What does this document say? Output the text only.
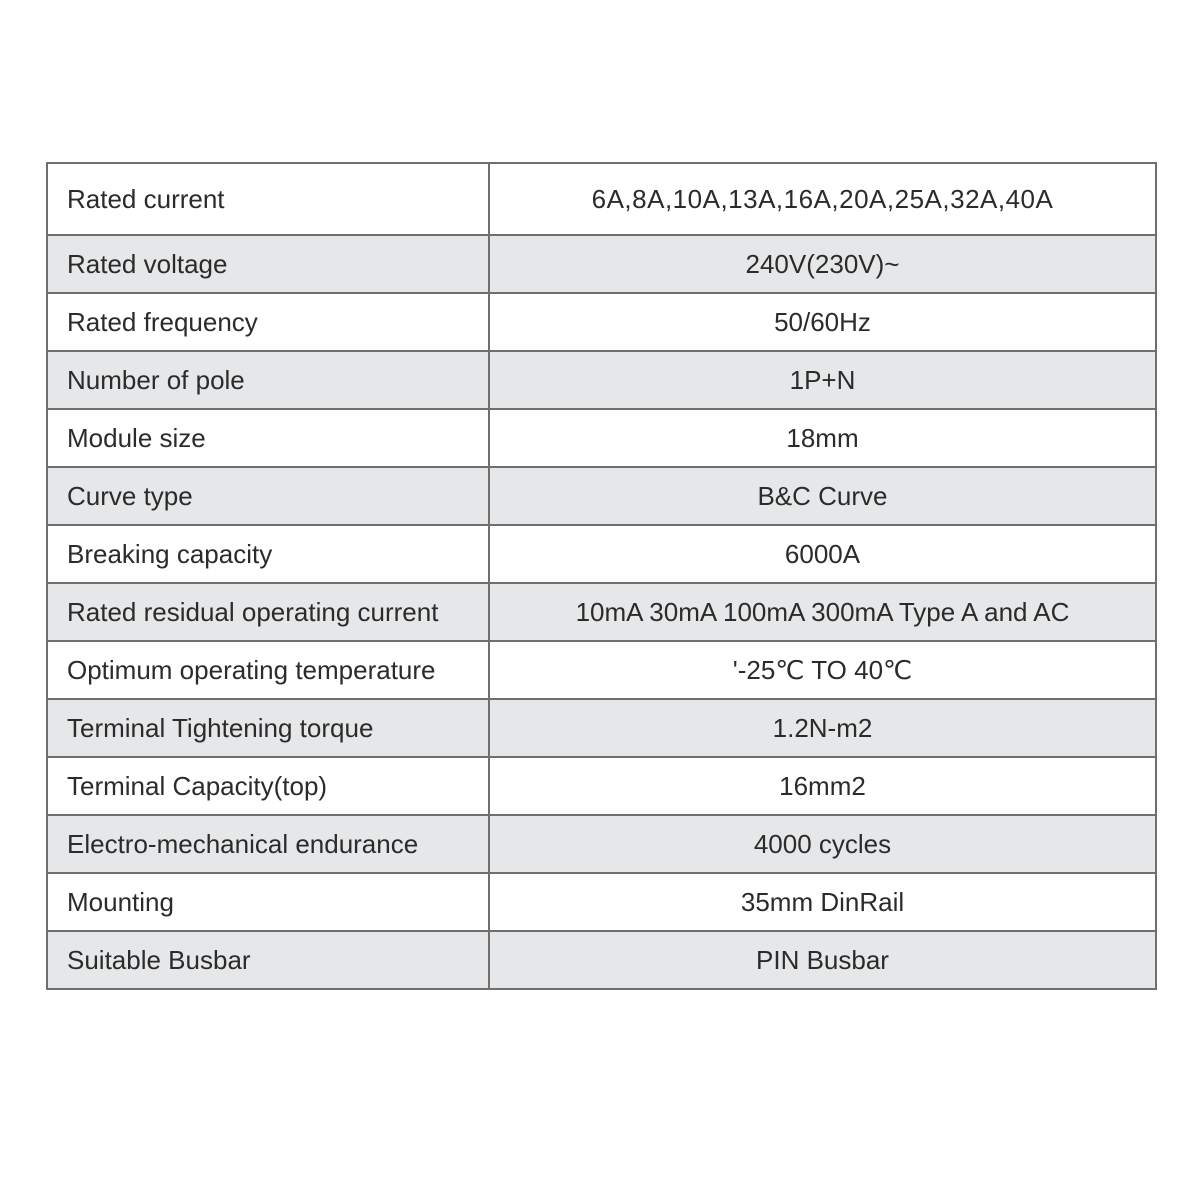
Rated current	6A,8A,10A,13A,16A,20A,25A,32A,40A
Rated voltage	240V(230V)~
Rated frequency	50/60Hz
Number of pole	1P+N
Module size	18mm
Curve type	B&C Curve
Breaking capacity	6000A
Rated residual operating current	10mA 30mA 100mA 300mA Type A and AC
Optimum operating temperature	'-25℃ TO 40℃
Terminal Tightening torque	1.2N-m2
Terminal Capacity(top)	16mm2
Electro-mechanical endurance	4000 cycles
Mounting	35mm DinRail
Suitable Busbar	PIN Busbar
